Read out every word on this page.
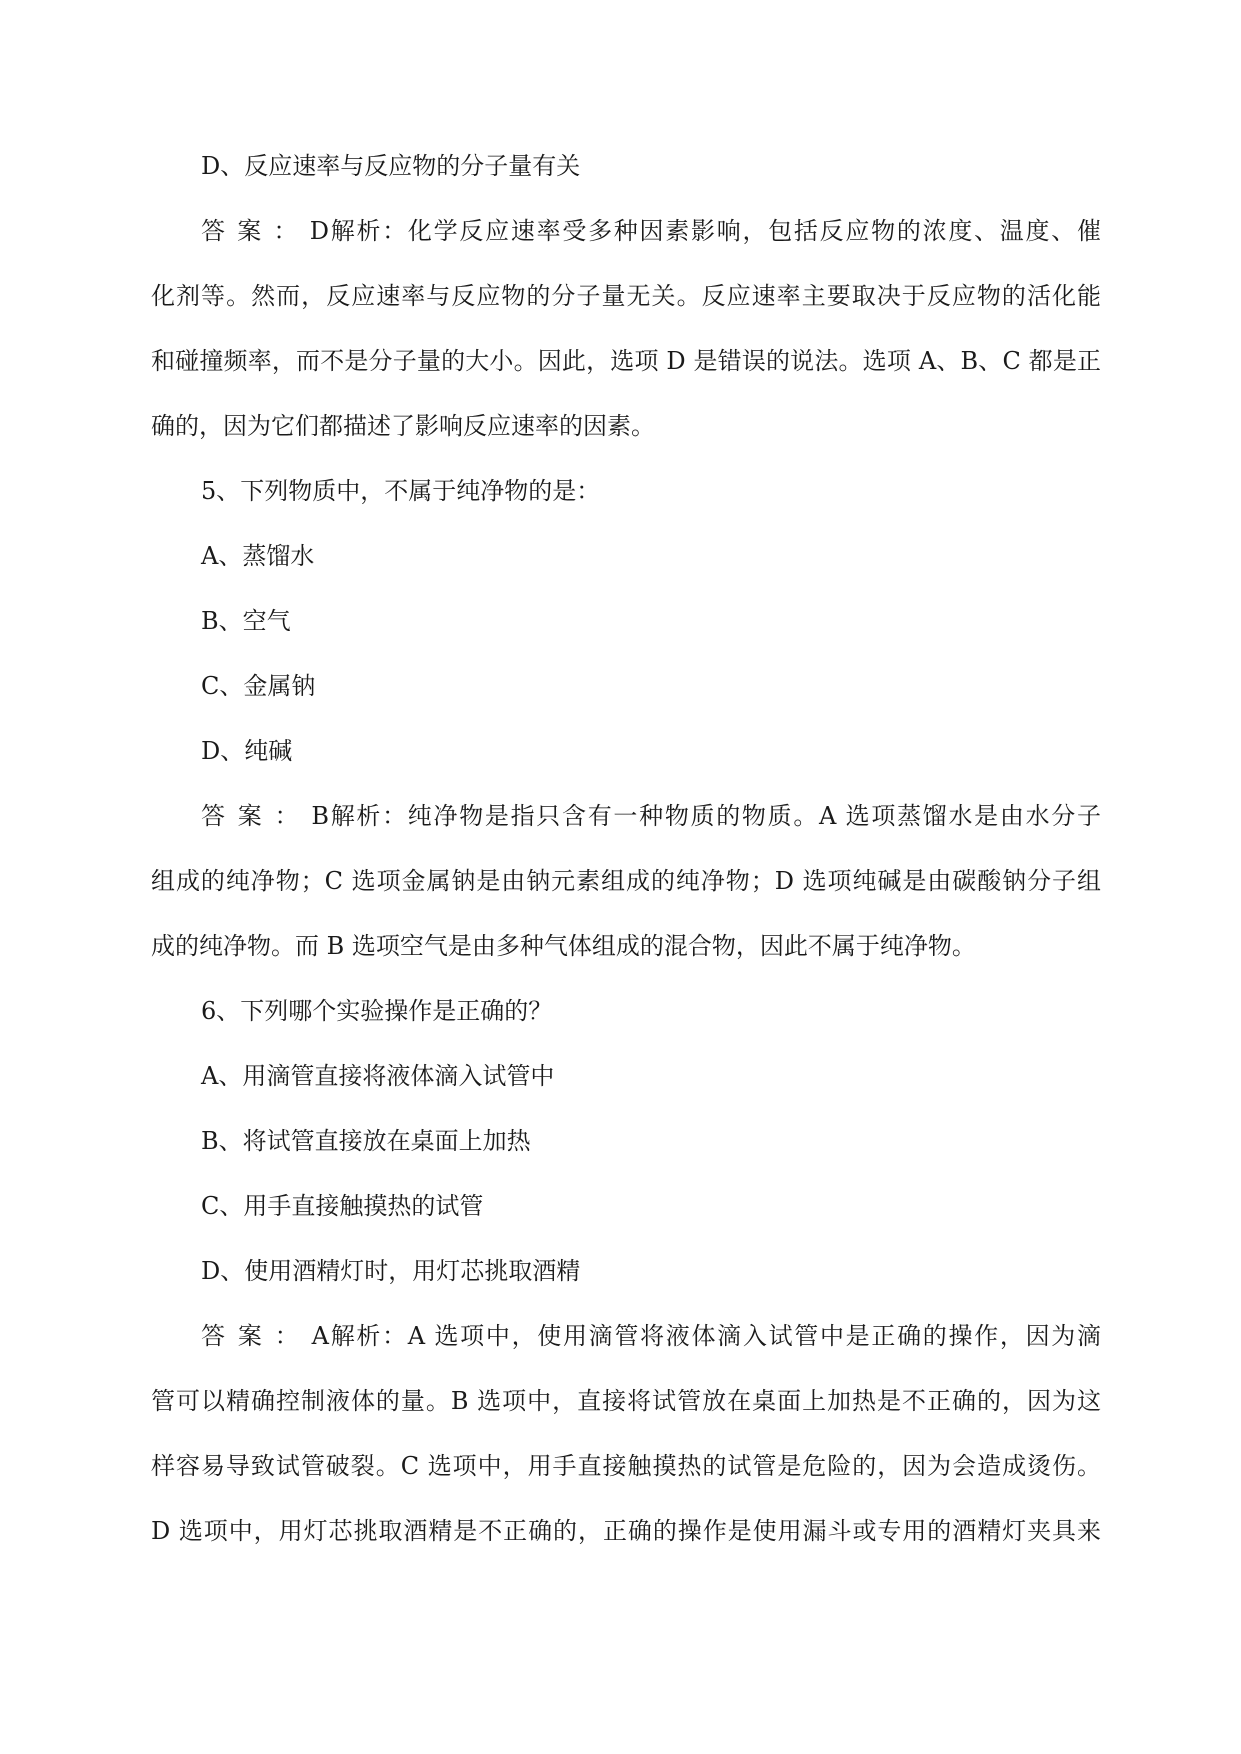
D、反应速率与反应物的分子量有关
答案：D解析：化学反应速率受多种因素影响，包括反应物的浓度、温度、催
化剂等。然而，反应速率与反应物的分子量无关。反应速率主要取决于反应物的活化能
和碰撞频率，而不是分子量的大小。因此，选项 D 是错误的说法。选项 A、B、C 都是正
确的，因为它们都描述了影响反应速率的因素。
5、下列物质中，不属于纯净物的是：
A、蒸馏水
B、空气
C、金属钠
D、纯碱
答案：B解析：纯净物是指只含有一种物质的物质。A 选项蒸馏水是由水分子
组成的纯净物；C 选项金属钠是由钠元素组成的纯净物；D 选项纯碱是由碳酸钠分子组
成的纯净物。而 B 选项空气是由多种气体组成的混合物，因此不属于纯净物。
6、下列哪个实验操作是正确的？
A、用滴管直接将液体滴入试管中
B、将试管直接放在桌面上加热
C、用手直接触摸热的试管
D、使用酒精灯时，用灯芯挑取酒精
答案：A解析：A 选项中，使用滴管将液体滴入试管中是正确的操作，因为滴
管可以精确控制液体的量。B 选项中，直接将试管放在桌面上加热是不正确的，因为这
样容易导致试管破裂。C 选项中，用手直接触摸热的试管是危险的，因为会造成烫伤。
D 选项中，用灯芯挑取酒精是不正确的，正确的操作是使用漏斗或专用的酒精灯夹具来
